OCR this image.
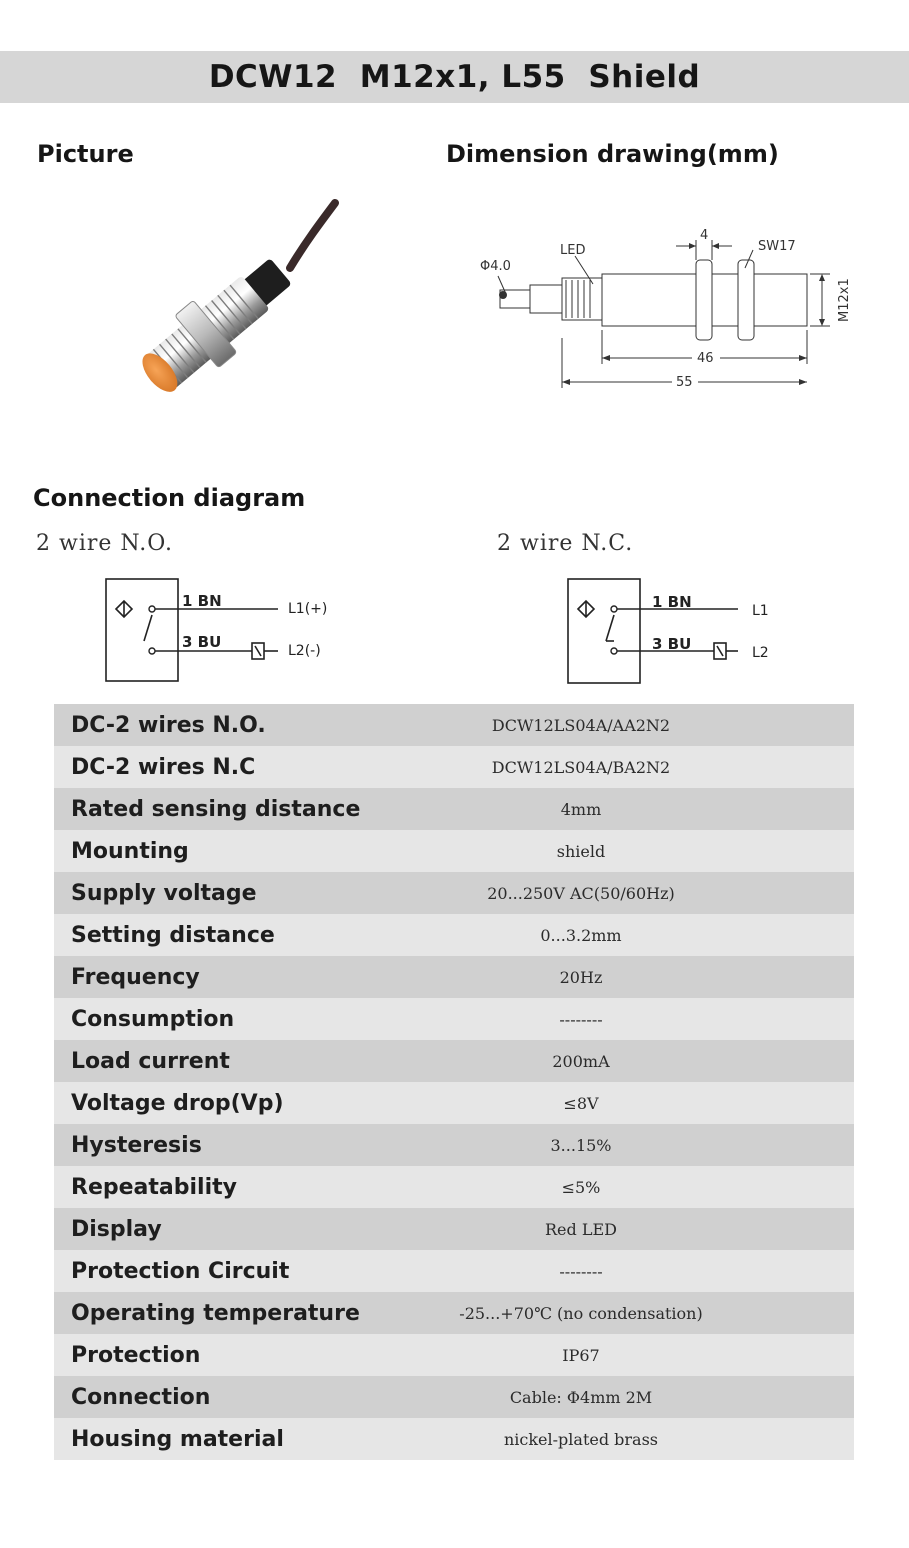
DCW12  M12x1, L55  Shield
Picture	Dimension drawing(mm)
Φ4.0
LED
4
SW17
M12x1
46
55
Connection diagram

2 wire N.O.	2 wire N.C.

1 BN
3 BU
L1(+)
L2(-)
1 BN
3 BU
L1
L2
DC-2 wires N.O.	DCW12LS04A/AA2N2
DC-2 wires N.C	DCW12LS04A/BA2N2
Rated sensing distance	4mm
Mounting	shield
Supply voltage	20...250V AC(50/60Hz)
Setting distance	0...3.2mm
Frequency	20Hz
Consumption	--------
Load current	200mA
Voltage drop(Vp)	≤8V
Hysteresis	3...15%
Repeatability	≤5%
Display	Red LED
Protection Circuit	--------
Operating temperature	-25...+70℃ (no condensation)
Protection	IP67
Connection	Cable: Φ4mm 2M
Housing material	nickel-plated brass
